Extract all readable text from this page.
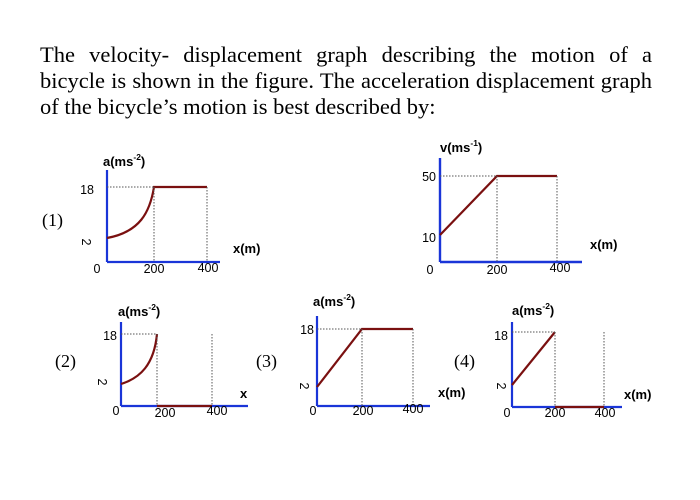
The velocity- displacement graph describing the motion of a bicycle is shown in the figure. The acceleration displacement graph of the bicycle’s motion is best described by:

$a(ms^{-2})$
18
2
0	200	400
x(m)
$v(ms^{-1})$
50
10
0	200	400
x(m)
$a(ms^{-2})$
18
2
0	200 400
x
$a(ms^{-2})$
18
2
0	200 400
x(m)
$a(ms^{-2})$
18
2
0	200 400
x(m)
(1)
(2)	(3)	(4)
